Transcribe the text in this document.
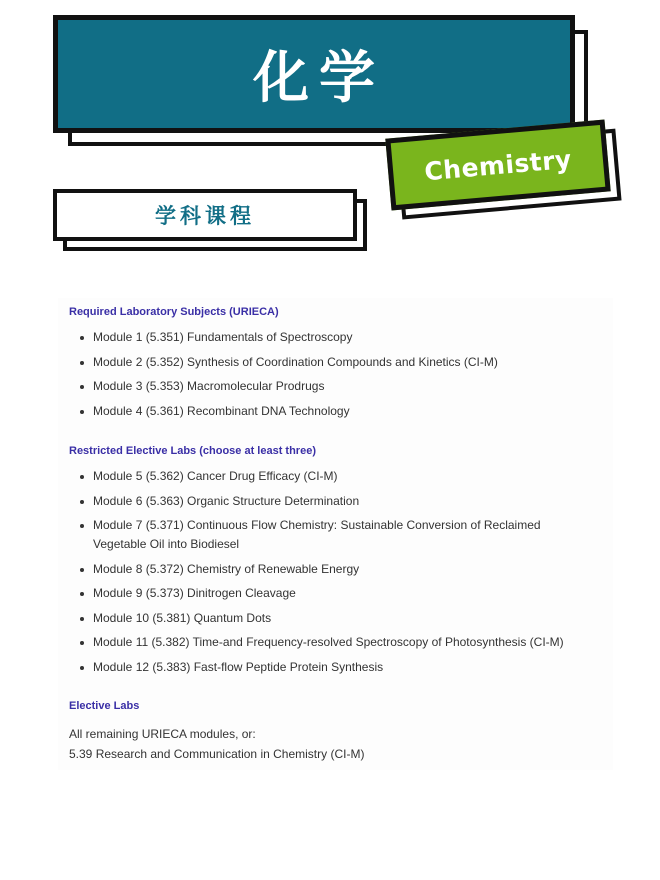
化学
Chemistry
学科课程

Required Laboratory Subjects (URIECA)

Module 1 (5.351) Fundamentals of Spectroscopy
Module 2 (5.352) Synthesis of Coordination Compounds and Kinetics (CI-M)
Module 3 (5.353) Macromolecular Prodrugs
Module 4 (5.361) Recombinant DNA Technology

Restricted Elective Labs (choose at least three)

Module 5 (5.362) Cancer Drug Efficacy (CI-M)
Module 6 (5.363) Organic Structure Determination
Module 7 (5.371) Continuous Flow Chemistry: Sustainable Conversion of Reclaimed Vegetable Oil into Biodiesel
Module 8 (5.372) Chemistry of Renewable Energy
Module 9 (5.373) Dinitrogen Cleavage
Module 10 (5.381) Quantum Dots
Module 11 (5.382) Time-and Frequency-resolved Spectroscopy of Photosynthesis (CI-M)
Module 12 (5.383) Fast-flow Peptide Protein Synthesis

Elective Labs

All remaining URIECA modules, or:

5.39 Research and Communication in Chemistry (CI-M)
